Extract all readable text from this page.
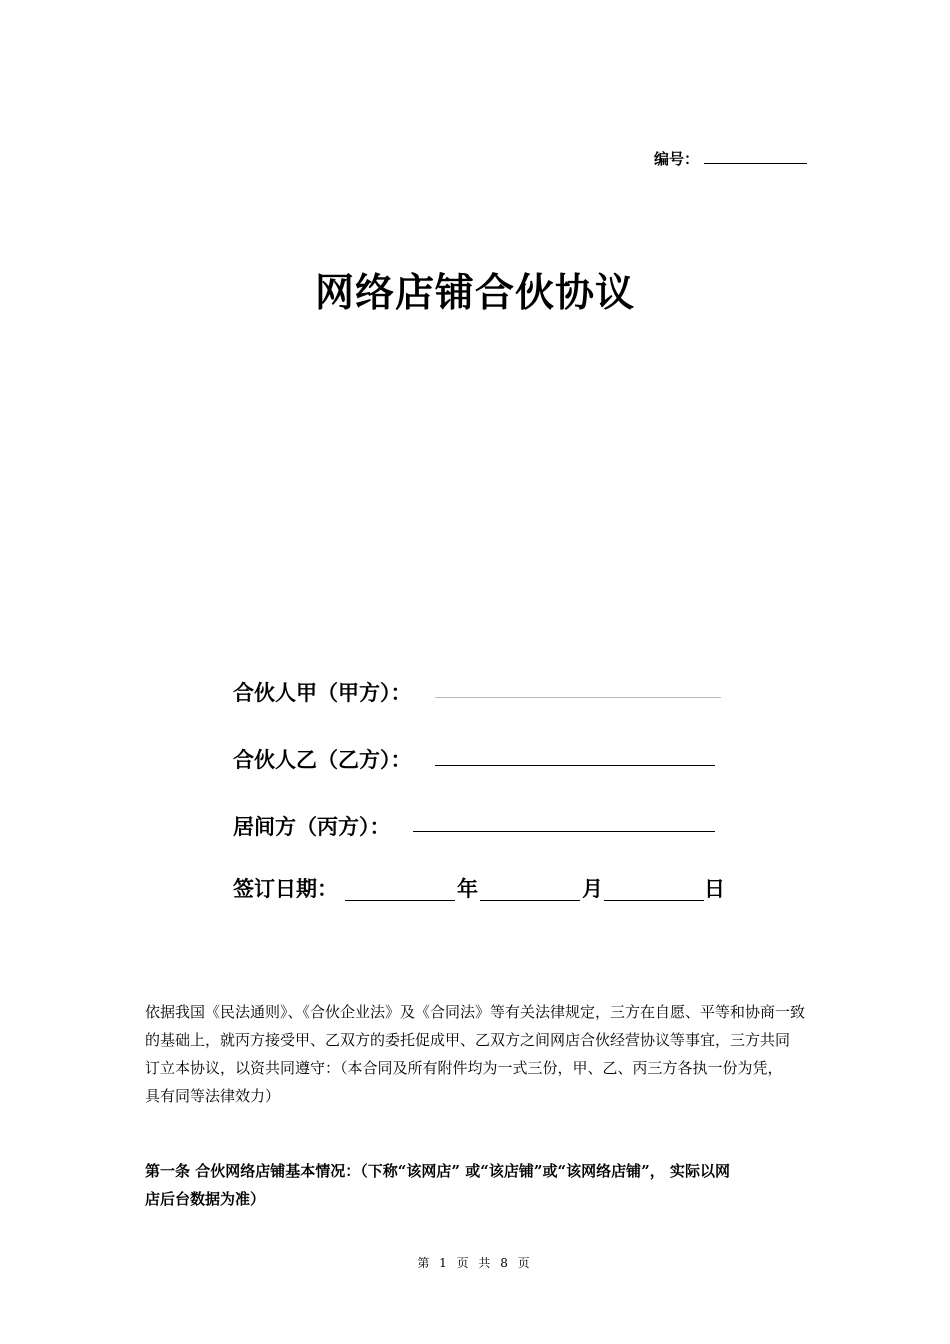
编号：
网络店铺合伙协议
合伙人甲（甲方）：
合伙人乙（乙方）：
居间方（丙方）：
签订日期：	年	月	日
依据我国《民法通则》、《合伙企业法》及《合同法》等有关法律规定，三方在自愿、平等和协商一致
的基础上，就丙方接受甲、乙双方的委托促成甲、乙双方之间网店合伙经营协议等事宜，三方共同
订立本协议，以资共同遵守：（本合同及所有附件均为一式三份，甲、乙、丙三方各执一份为凭，
具有同等法律效力）
第一条 合伙网络店铺基本情况：（下称“该网店” 或“该店铺”或“该网络店铺”， 实际以网
店后台数据为准）
第 1 页 共 8 页
